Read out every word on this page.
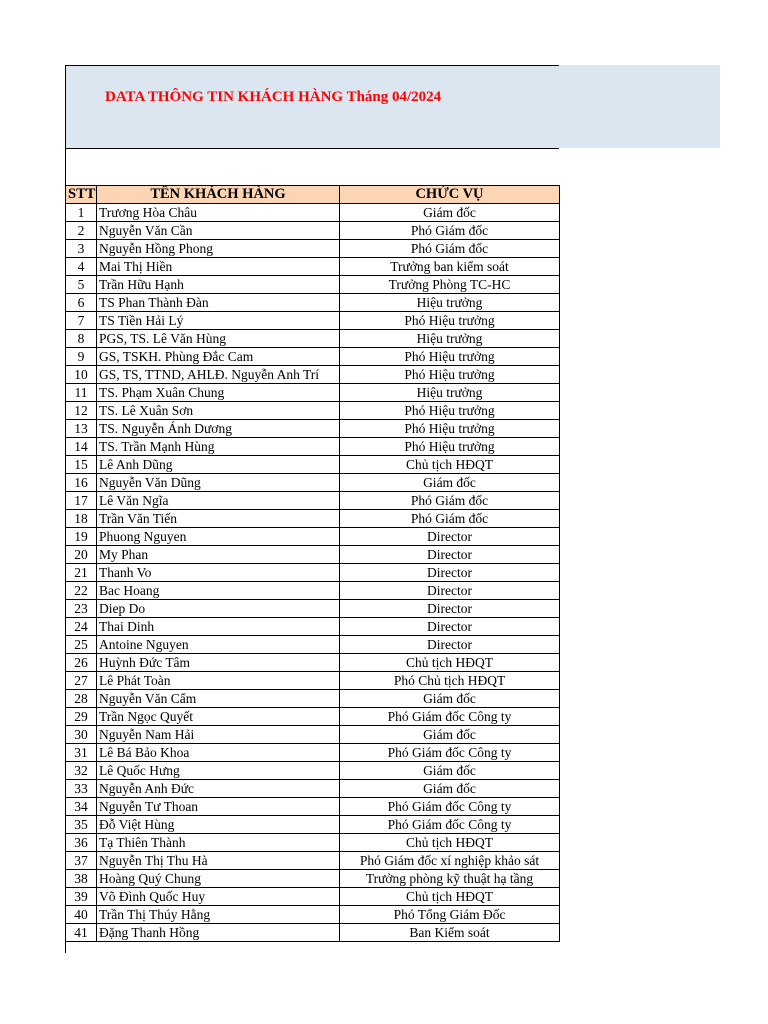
DATA THÔNG TIN KHÁCH HÀNG Tháng 04/2024
STT	TÊN KHÁCH HÀNG	CHỨC VỤ
1	Trương Hòa Châu	Giám đốc
2	Nguyễn Văn Cần	Phó Giám đốc
3	Nguyễn Hồng Phong	Phó Giám đốc
4	Mai Thị Hiền	Trưởng ban kiểm soát
5	Trần Hữu Hạnh	Trưởng Phòng TC-HC
6	TS Phan Thành Đàn	Hiệu trưởng
7	TS Tiền Hải Lý	Phó Hiệu trưởng
8	PGS, TS. Lê Văn Hùng	Hiệu trưởng
9	GS, TSKH. Phùng Đắc Cam	Phó Hiệu trưởng
10	GS, TS, TTND, AHLĐ. Nguyễn Anh Trí	Phó Hiệu trưởng
11	TS. Phạm Xuân Chung	Hiệu trưởng
12	TS. Lê Xuân Sơn	Phó Hiệu trưởng
13	TS. Nguyễn Ánh Dương	Phó Hiệu trưởng
14	TS. Trần Mạnh Hùng	Phó Hiệu trưởng
15	Lê Anh Dũng	Chủ tịch HĐQT
16	Nguyễn Văn Dũng	Giám đốc
17	Lê Văn Ngĩa	Phó Giám đốc
18	Trần Văn Tiến	Phó Giám đốc
19	Phuong Nguyen	Director
20	My Phan	Director
21	Thanh Vo	Director
22	Bac Hoang	Director
23	Diep Do	Director
24	Thai Dinh	Director
25	Antoine Nguyen	Director
26	Huỳnh Đức Tâm	Chủ tịch HĐQT
27	Lê Phát Toàn	Phó Chủ tịch HĐQT
28	Nguyễn Văn Cẩm	Giám đốc
29	Trần Ngọc Quyết	Phó Giám đốc Công ty
30	Nguyễn Nam Hải	Giám đốc
31	Lê Bá Bảo Khoa	Phó Giám đốc Công ty
32	Lê Quốc Hưng	Giám đốc
33	Nguyễn Anh Đức	Giám đốc
34	Nguyễn Tư Thoan	Phó Giám đốc Công ty
35	Đỗ Việt Hùng	Phó Giám đốc Công ty
36	Tạ Thiên Thành	Chủ tịch HĐQT
37	Nguyễn Thị Thu Hà	Phó Giám đốc xí nghiệp khảo sát
38	Hoàng Quý Chung	Trưởng phòng kỹ thuật hạ tầng
39	Võ Đình Quốc Huy	Chủ tịch HĐQT
40	Trần Thị Thúy Hằng	Phó Tổng Giám Đốc
41	Đặng Thanh Hồng	Ban Kiểm soát
